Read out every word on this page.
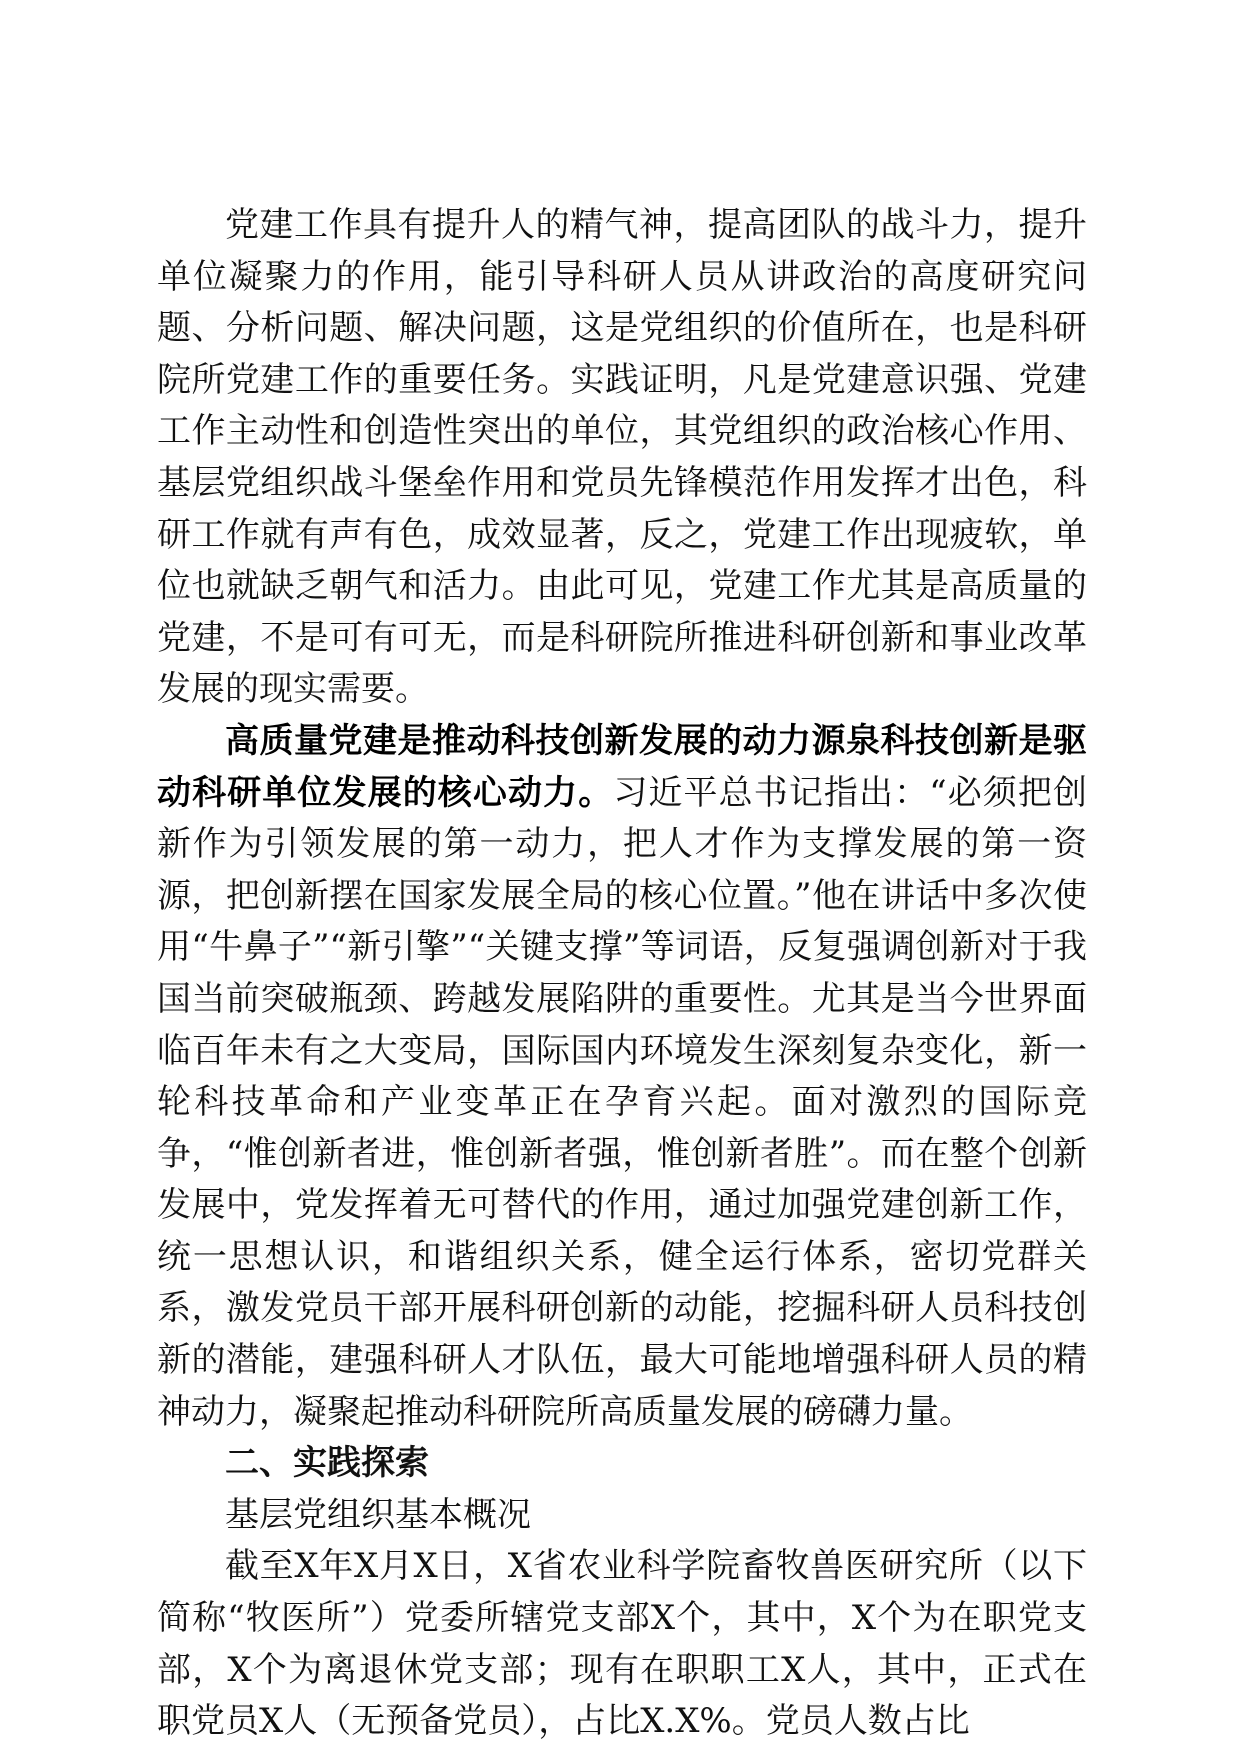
党建工作具有提升人的精气神，提高团队的战斗力，提升单位凝聚力的作用，能引导科研人员从讲政治的高度研究问题、分析问题、解决问题，这是党组织的价值所在，也是科研院所党建工作的重要任务。实践证明，凡是党建意识强、党建工作主动性和创造性突出的单位，其党组织的政治核心作用、基层党组织战斗堡垒作用和党员先锋模范作用发挥才出色，科研工作就有声有色，成效显著，反之，党建工作出现疲软，单位也就缺乏朝气和活力。由此可见，党建工作尤其是高质量的党建，不是可有可无，而是科研院所推进科研创新和事业改革发展的现实需要。

高质量党建是推动科技创新发展的动力源泉科技创新是驱动科研单位发展的核心动力。习近平总书记指出：“必须把创新作为引领发展的第一动力，把人才作为支撑发展的第一资源，把创新摆在国家发展全局的核心位置。”他在讲话中多次使用“牛鼻子”“新引擎”“关键支撑”等词语，反复强调创新对于我国当前突破瓶颈、跨越发展陷阱的重要性。尤其是当今世界面临百年未有之大变局，国际国内环境发生深刻复杂变化，新一轮科技革命和产业变革正在孕育兴起。面对激烈的国际竞争，“惟创新者进，惟创新者强，惟创新者胜”。而在整个创新发展中，党发挥着无可替代的作用，通过加强党建创新工作，统一思想认识，和谐组织关系，健全运行体系，密切党群关系，激发党员干部开展科研创新的动能，挖掘科研人员科技创新的潜能，建强科研人才队伍，最大可能地增强科研人员的精神动力，凝聚起推动科研院所高质量发展的磅礴力量。

二、实践探索

基层党组织基本概况

截至X年X月X日，X省农业科学院畜牧兽医研究所（以下简称“牧医所”）党委所辖党支部X个，其中，X个为在职党支部，X个为离退休党支部；现有在职职工X人，其中，正式在职党员X人（无预备党员），占比X.X%。党员人数占比
